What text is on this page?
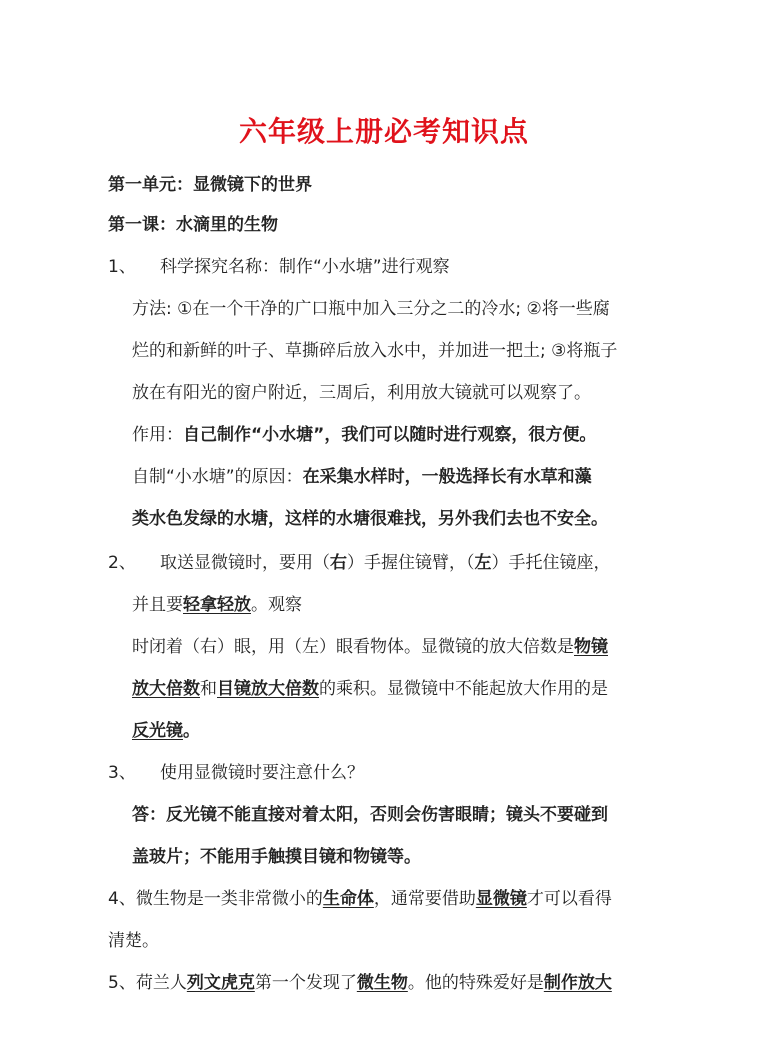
六年级上册必考知识点
第一单元：显微镜下的世界
第一课：水滴里的生物
1、 科学探究名称：制作“小水塘”进行观察
方法: ①在一个干净的广口瓶中加入三分之二的冷水; ②将一些腐
烂的和新鲜的叶子、草撕碎后放入水中，并加进一把土; ③将瓶子
放在有阳光的窗户附近，三周后，利用放大镜就可以观察了。
作用：自己制作“小水塘”，我们可以随时进行观察，很方便。
自制“小水塘”的原因：在采集水样时，一般选择长有水草和藻
类水色发绿的水塘，这样的水塘很难找，另外我们去也不安全。
2、 取送显微镜时，要用（右）手握住镜臂，（左）手托住镜座，
并且要轻拿轻放。观察
时闭着（右）眼，用（左）眼看物体。显微镜的放大倍数是物镜
放大倍数和目镜放大倍数的乘积。显微镜中不能起放大作用的是
反光镜。
3、 使用显微镜时要注意什么？
答：反光镜不能直接对着太阳，否则会伤害眼睛；镜头不要碰到
盖玻片；不能用手触摸目镜和物镜等。
4、微生物是一类非常微小的生命体，通常要借助显微镜才可以看得
清楚。
5、荷兰人列文虎克第一个发现了微生物。他的特殊爱好是制作放大
